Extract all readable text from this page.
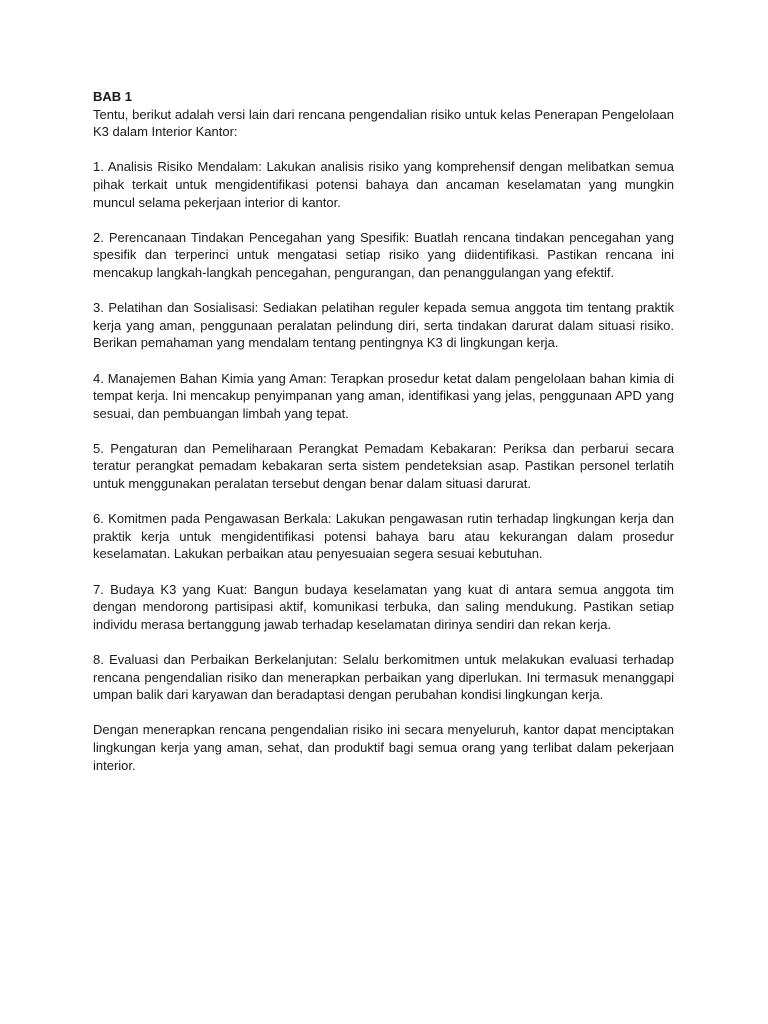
BAB 1

Tentu, berikut adalah versi lain dari rencana pengendalian risiko untuk kelas Penerapan Pengelolaan K3 dalam Interior Kantor:

1. Analisis Risiko Mendalam: Lakukan analisis risiko yang komprehensif dengan melibatkan semua pihak terkait untuk mengidentifikasi potensi bahaya dan ancaman keselamatan yang mungkin muncul selama pekerjaan interior di kantor.

2. Perencanaan Tindakan Pencegahan yang Spesifik: Buatlah rencana tindakan pencegahan yang spesifik dan terperinci untuk mengatasi setiap risiko yang diidentifikasi. Pastikan rencana ini mencakup langkah-langkah pencegahan, pengurangan, dan penanggulangan yang efektif.

3. Pelatihan dan Sosialisasi: Sediakan pelatihan reguler kepada semua anggota tim tentang praktik kerja yang aman, penggunaan peralatan pelindung diri, serta tindakan darurat dalam situasi risiko. Berikan pemahaman yang mendalam tentang pentingnya K3 di lingkungan kerja.

4. Manajemen Bahan Kimia yang Aman: Terapkan prosedur ketat dalam pengelolaan bahan kimia di tempat kerja. Ini mencakup penyimpanan yang aman, identifikasi yang jelas, penggunaan APD yang sesuai, dan pembuangan limbah yang tepat.

5. Pengaturan dan Pemeliharaan Perangkat Pemadam Kebakaran: Periksa dan perbarui secara teratur perangkat pemadam kebakaran serta sistem pendeteksian asap. Pastikan personel terlatih untuk menggunakan peralatan tersebut dengan benar dalam situasi darurat.

6. Komitmen pada Pengawasan Berkala: Lakukan pengawasan rutin terhadap lingkungan kerja dan praktik kerja untuk mengidentifikasi potensi bahaya baru atau kekurangan dalam prosedur keselamatan. Lakukan perbaikan atau penyesuaian segera sesuai kebutuhan.

7. Budaya K3 yang Kuat: Bangun budaya keselamatan yang kuat di antara semua anggota tim dengan mendorong partisipasi aktif, komunikasi terbuka, dan saling mendukung. Pastikan setiap individu merasa bertanggung jawab terhadap keselamatan dirinya sendiri dan rekan kerja.

8. Evaluasi dan Perbaikan Berkelanjutan: Selalu berkomitmen untuk melakukan evaluasi terhadap rencana pengendalian risiko dan menerapkan perbaikan yang diperlukan. Ini termasuk menanggapi umpan balik dari karyawan dan beradaptasi dengan perubahan kondisi lingkungan kerja.

Dengan menerapkan rencana pengendalian risiko ini secara menyeluruh, kantor dapat menciptakan lingkungan kerja yang aman, sehat, dan produktif bagi semua orang yang terlibat dalam pekerjaan interior.
